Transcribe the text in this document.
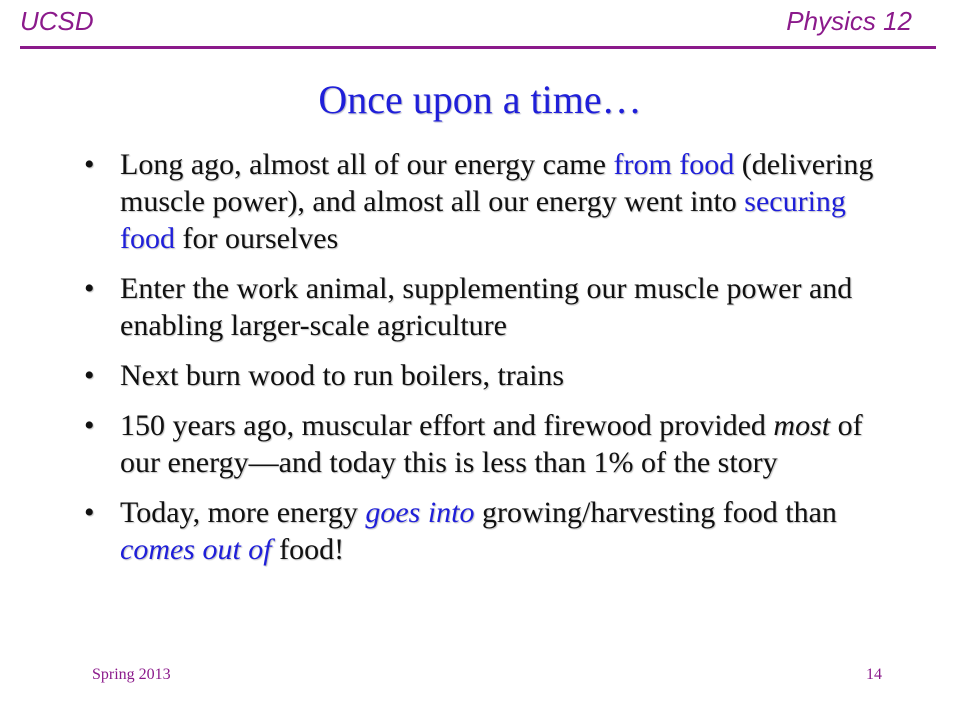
UCSD	Physics 12
Once upon a time…
• Long ago, almost all of our energy came from food (delivering muscle power), and almost all our energy went into securing food for ourselves
• Enter the work animal, supplementing our muscle power and enabling larger-scale agriculture
• Next burn wood to run boilers, trains
• 150 years ago, muscular effort and firewood provided most of our energy—and today this is less than 1% of the story
• Today, more energy goes into growing/harvesting food than comes out of food!
Spring 2013	14
